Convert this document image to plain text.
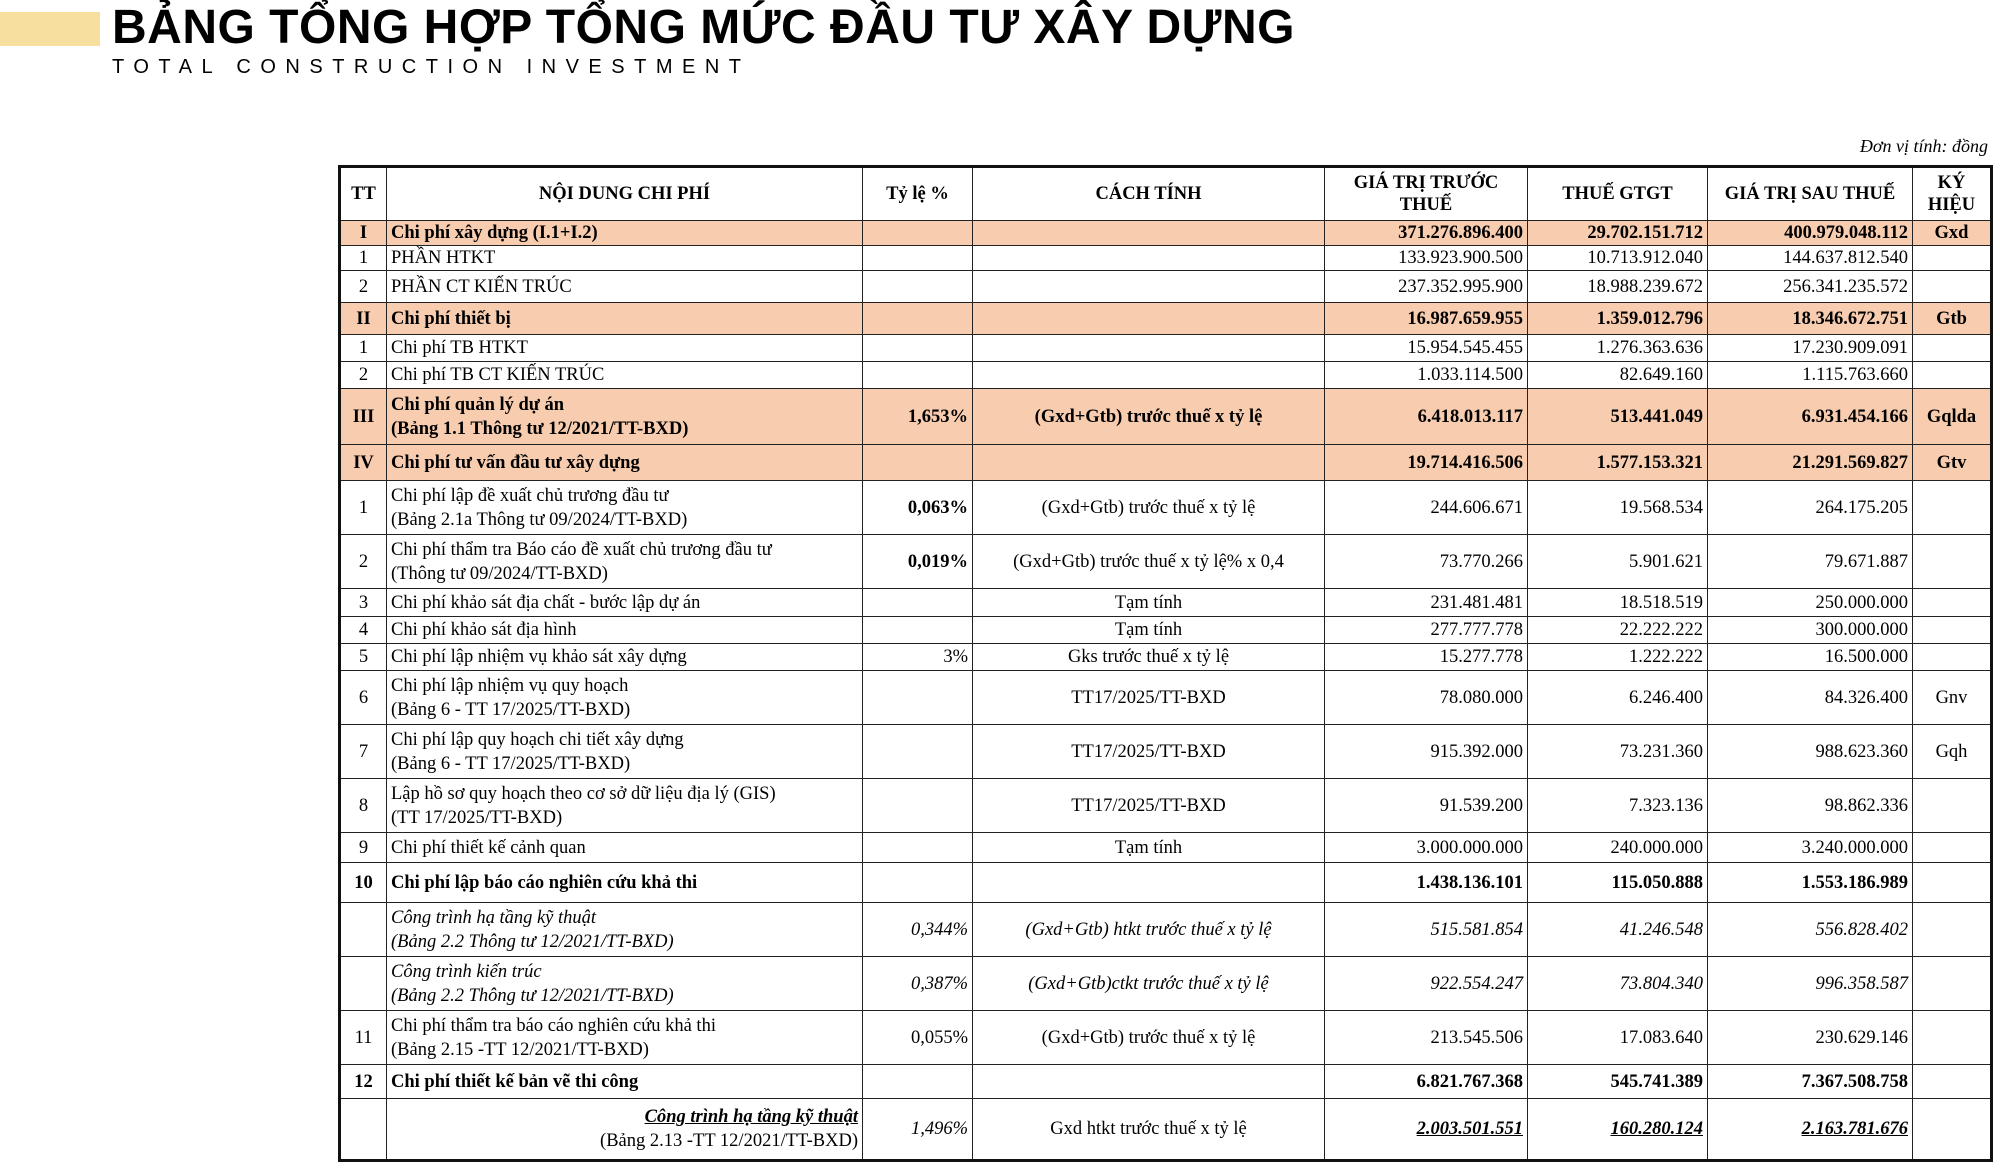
BẢNG TỔNG HỢP TỔNG MỨC ĐẦU TƯ XÂY DỰNG
TOTAL CONSTRUCTION INVESTMENT
Đơn vị tính: đồng
TT	NỘI DUNG CHI PHÍ	Tỷ lệ %	CÁCH TÍNH	GIÁ TRỊ TRƯỚC THUẾ	THUẾ GTGT	GIÁ TRỊ SAU THUẾ	KÝ HIỆU
I	Chi phí xây dựng (I.1+I.2)			371.276.896.400	29.702.151.712	400.979.048.112	Gxd
1	PHẦN HTKT			133.923.900.500	10.713.912.040	144.637.812.540	
2	PHẦN CT KIẾN TRÚC			237.352.995.900	18.988.239.672	256.341.235.572	
II	Chi phí thiết bị			16.987.659.955	1.359.012.796	18.346.672.751	Gtb
1	Chi phí TB HTKT			15.954.545.455	1.276.363.636	17.230.909.091	
2	Chi phí TB CT KIẾN TRÚC			1.033.114.500	82.649.160	1.115.763.660	
III	Chi phí quản lý dự án
(Bảng 1.1 Thông tư 12/2021/TT-BXD)	1,653%	(Gxd+Gtb) trước thuế x tỷ lệ	6.418.013.117	513.441.049	6.931.454.166	Gqlda
IV	Chi phí tư vấn đầu tư xây dựng			19.714.416.506	1.577.153.321	21.291.569.827	Gtv
1	Chi phí lập đề xuất chủ trương đầu tư
(Bảng 2.1a Thông tư 09/2024/TT-BXD)	0,063%	(Gxd+Gtb) trước thuế x tỷ lệ	244.606.671	19.568.534	264.175.205	
2	Chi phí thẩm tra Báo cáo đề xuất chủ trương đầu tư
(Thông tư 09/2024/TT-BXD)	0,019%	(Gxd+Gtb) trước thuế x tỷ lệ% x 0,4	73.770.266	5.901.621	79.671.887	
3	Chi phí khảo sát địa chất - bước lập dự án		Tạm tính	231.481.481	18.518.519	250.000.000	
4	Chi phí khảo sát địa hình		Tạm tính	277.777.778	22.222.222	300.000.000	
5	Chi phí lập nhiệm vụ khảo sát xây dựng	3%	Gks trước thuế x tỷ lệ	15.277.778	1.222.222	16.500.000	
6	Chi phí lập nhiệm vụ quy hoạch
(Bảng 6 - TT 17/2025/TT-BXD)		TT17/2025/TT-BXD	78.080.000	6.246.400	84.326.400	Gnv
7	Chi phí lập quy hoạch chi tiết xây dựng
(Bảng 6 - TT 17/2025/TT-BXD)		TT17/2025/TT-BXD	915.392.000	73.231.360	988.623.360	Gqh
8	Lập hồ sơ quy hoạch theo cơ sở dữ liệu địa lý (GIS)
(TT 17/2025/TT-BXD)		TT17/2025/TT-BXD	91.539.200	7.323.136	98.862.336	
9	Chi phí thiết kế cảnh quan		Tạm tính	3.000.000.000	240.000.000	3.240.000.000	
10	Chi phí lập báo cáo nghiên cứu khả thi			1.438.136.101	115.050.888	1.553.186.989	

	Công trình hạ tầng kỹ thuật
(Bảng 2.2 Thông tư 12/2021/TT-BXD)	0,344%	(Gxd+Gtb) htkt trước thuế x tỷ lệ	515.581.854	41.246.548	556.828.402	

	Công trình kiến trúc
(Bảng 2.2 Thông tư 12/2021/TT-BXD)	0,387%	(Gxd+Gtb)ctkt trước thuế x tỷ lệ	922.554.247	73.804.340	996.358.587	
11	Chi phí thẩm tra báo cáo nghiên cứu khả thi
(Bảng 2.15 -TT 12/2021/TT-BXD)	0,055%	(Gxd+Gtb) trước thuế x tỷ lệ	213.545.506	17.083.640	230.629.146	
12	Chi phí thiết kế bản vẽ thi công			6.821.767.368	545.741.389	7.367.508.758	

	Công trình hạ tầng kỹ thuật
(Bảng 2.13 -TT 12/2021/TT-BXD)	1,496%	Gxd htkt trước thuế x tỷ lệ	2.003.501.551	160.280.124	2.163.781.676	
